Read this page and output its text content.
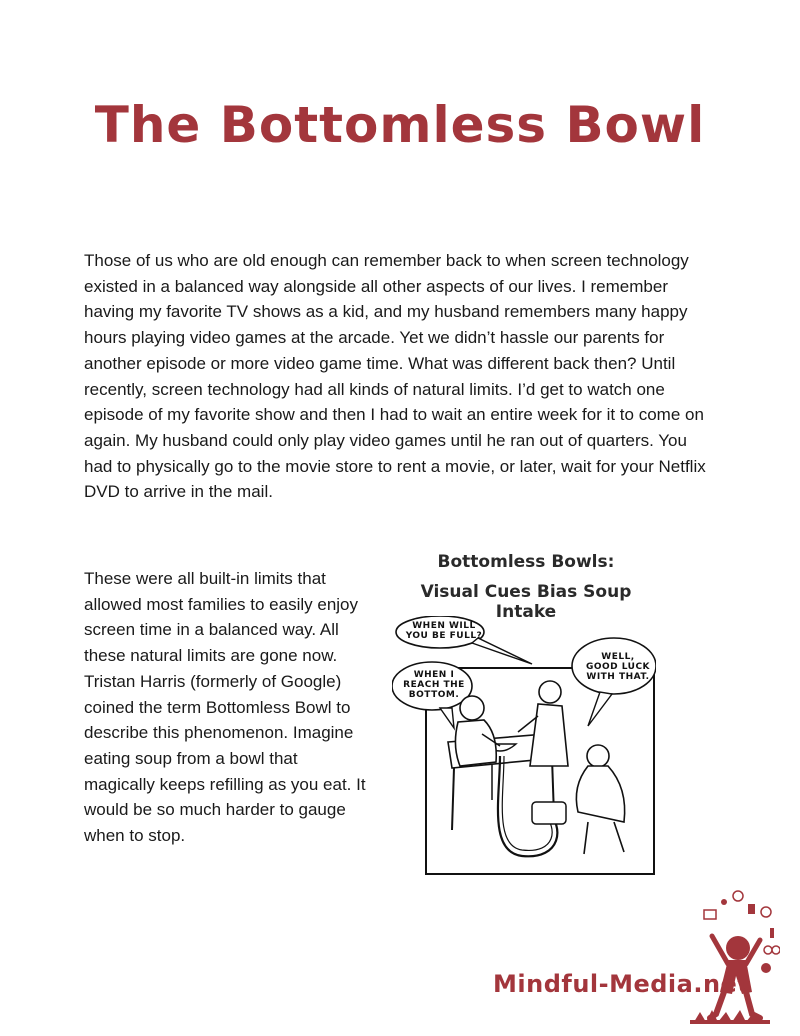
The Bottomless Bowl

Those of us who are old enough can remember back to when screen technology existed in a balanced way alongside all other aspects of our lives. I remember having my favorite TV shows as a kid, and my husband remembers many happy hours playing video games at the arcade. Yet we didn’t hassle our parents for another episode or more video game time. What was different back then? Until recently, screen technology had all kinds of natural limits. I’d get to watch one episode of my favorite show and then I had to wait an entire week for it to come on again. My husband could only play video games until he ran out of quarters. You had to physically go to the movie store to rent a movie, or later, wait for your Netflix DVD to arrive in the mail.

These were all built-in limits that allowed most families to easily enjoy screen time in a balanced way. All these natural limits are gone now. Tristan Harris (formerly of Google) coined the term Bottomless Bowl to describe this phenomenon. Imagine eating soup from a bowl that magically keeps refilling as you eat. It would be so much harder to gauge when to stop.

Bottomless Bowls:
Visual Cues Bias Soup Intake
WHEN WILL
YOU BE FULL?
WHEN I
REACH THE
BOTTOM.
WELL,
GOOD LUCK
WITH THAT.
Mindful-Media.net
